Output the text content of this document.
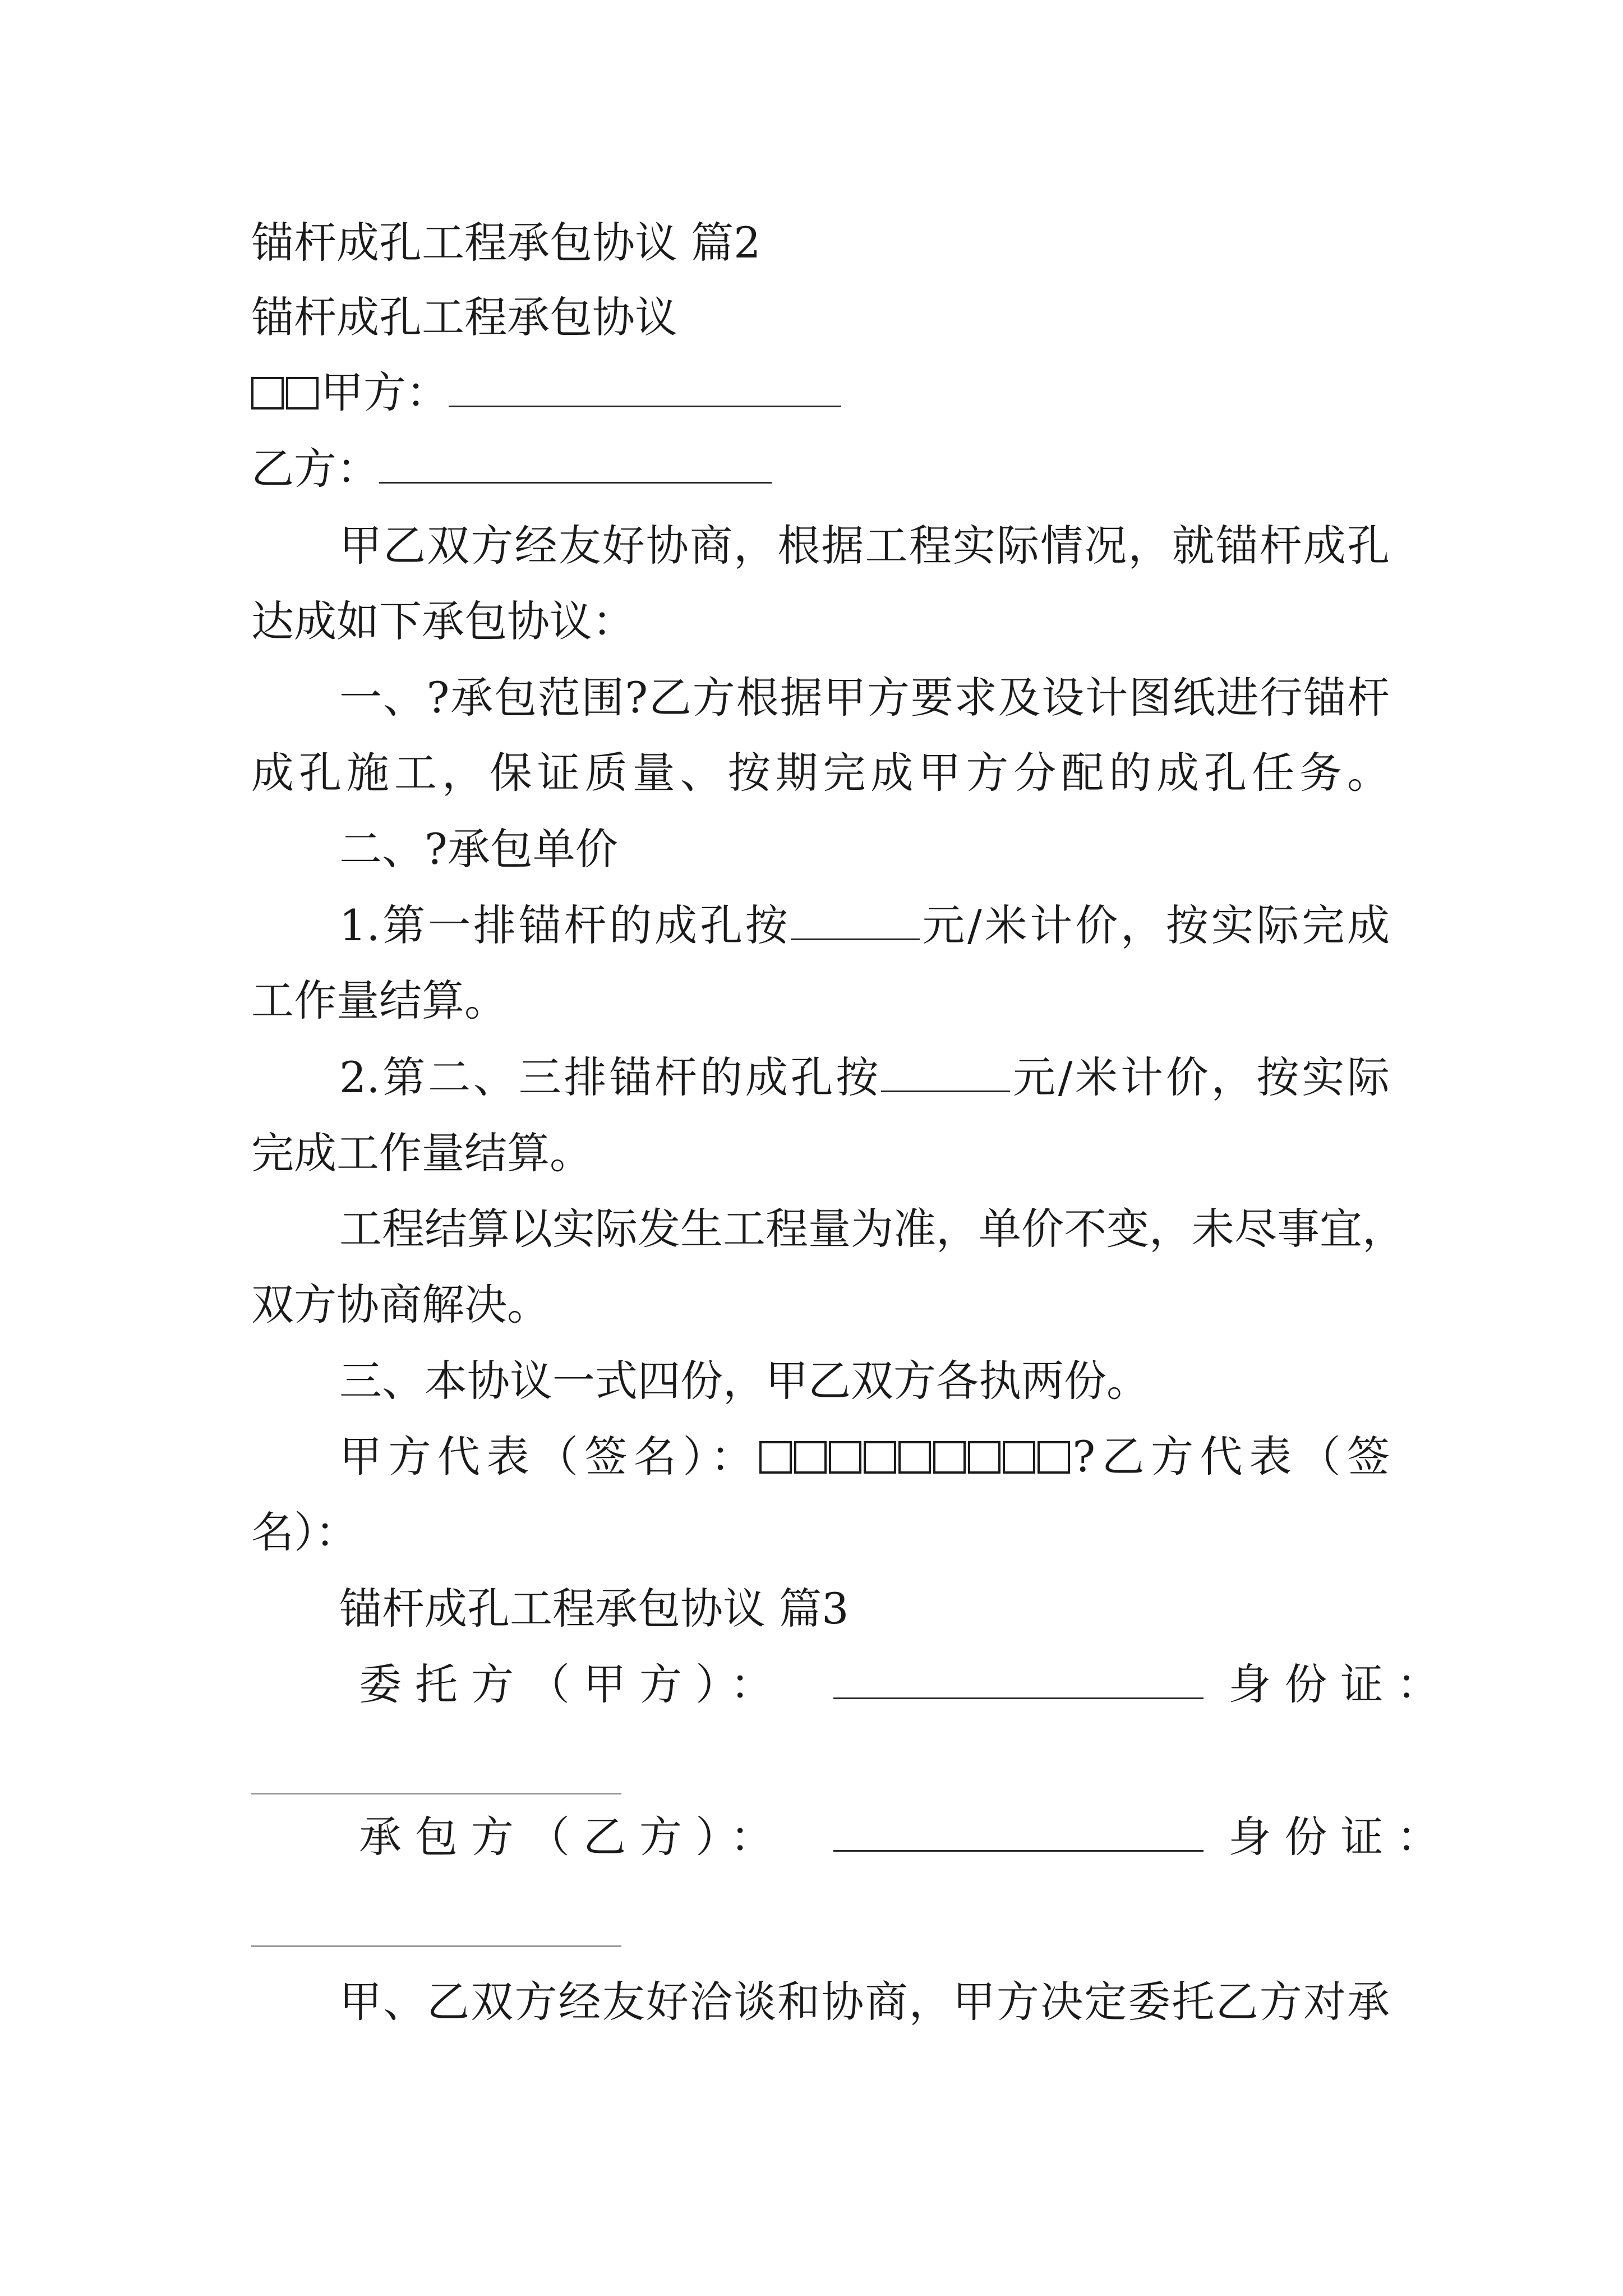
锚杆成孔工程承包协议 篇2
锚杆成孔工程承包协议
甲方：
乙方：
甲乙双方经友好协商，根据工程实际情况，就锚杆成孔
达成如下承包协议：
一、?承包范围?乙方根据甲方要求及设计图纸进行锚杆
成孔施工，保证质量、按期完成甲方分配的成孔任务。
二、?承包单价
1.第一排锚杆的成孔按	元/米计价，按实际完成
工作量结算。
2.第二、三排锚杆的成孔按	元/米计价，按实际
完成工作量结算。
工程结算以实际发生工程量为准，单价不变，未尽事宜，
双方协商解决。
三、本协议一式四份，甲乙双方各执两份。
甲方代表（签名）：	?乙方代表（签
名）：
锚杆成孔工程承包协议 篇3
委托方（甲方）：	身份证：
承包方（乙方）：	身份证：
甲、乙双方经友好洽谈和协商，甲方决定委托乙方对承
